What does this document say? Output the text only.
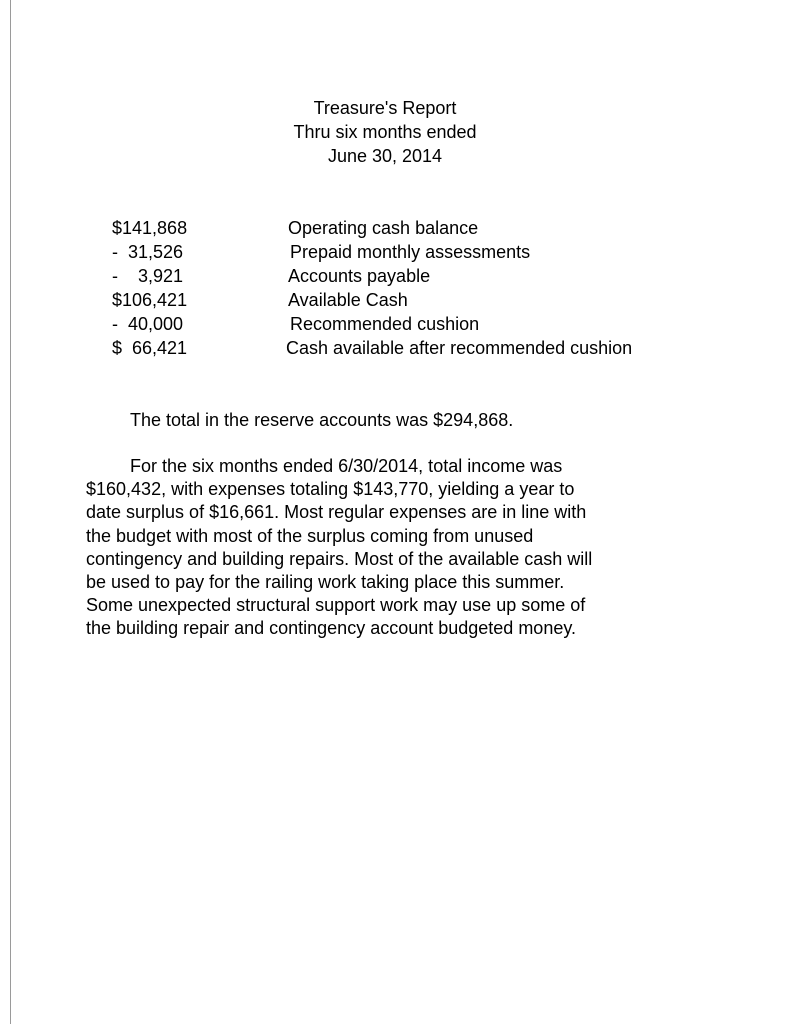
Treasure's Report
Thru six months ended
June 30, 2014
$141,868	Operating cash balance
-  31,526	Prepaid monthly assessments
-    3,921	Accounts payable
$106,421	Available Cash
-  40,000	Recommended cushion
$  66,421	Cash available after recommended cushion
The total in the reserve accounts was $294,868.
For the six months ended 6/30/2014, total income was
$160,432, with expenses totaling $143,770, yielding a year to
date surplus of $16,661. Most regular expenses are in line with
the budget with most of the surplus coming from unused
contingency and building repairs. Most of the available cash will
be used to pay for the railing work taking place this summer.
Some unexpected structural support work may use up some of
the building repair and contingency account budgeted money.
